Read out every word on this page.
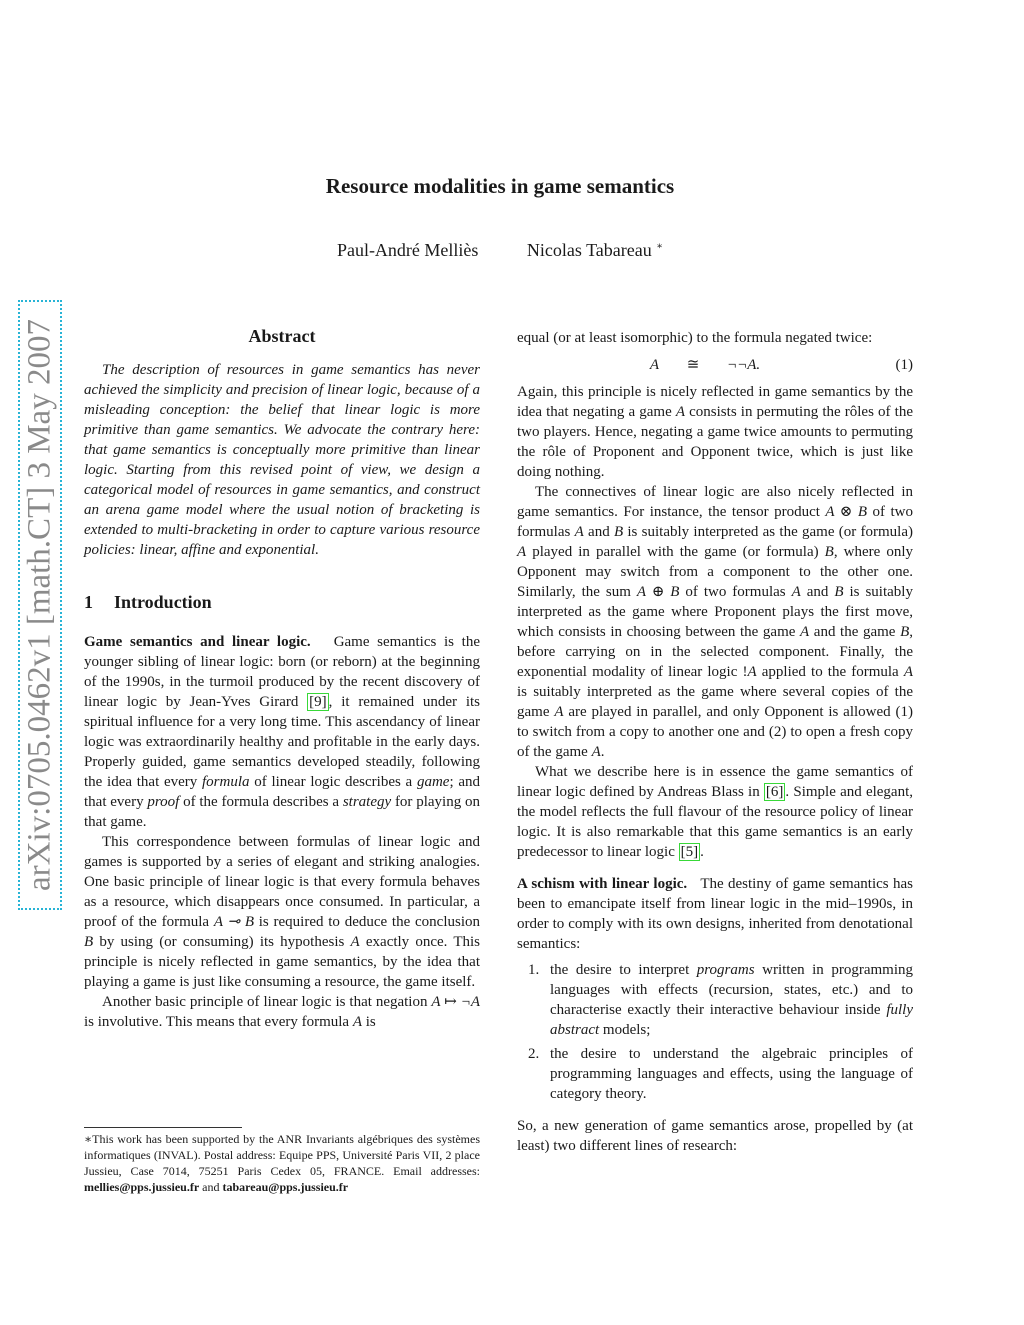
Resource modalities in game semantics
Paul-André Melliès	Nicolas Tabareau ∗
arXiv:0705.0462v1 [math.CT] 3 May 2007	Abstract

The description of resources in game semantics has never achieved the simplicity and precision of linear logic, because of a misleading conception: the belief that linear logic is more primitive than game semantics. We advocate the contrary here: that game semantics is conceptually more primitive than linear logic. Starting from this revised point of view, we design a categorical model of resources in game semantics, and construct an arena game model where the usual notion of bracketing is extended to multi-bracketing in order to capture various resource policies: linear, affine and exponential.

1 Introduction

Game semantics and linear logic. Game semantics is the younger sibling of linear logic: born (or reborn) at the beginning of the 1990s, in the turmoil produced by the recent discovery of linear logic by Jean-Yves Girard [9] , it remained under its spiritual influence for a very long time. This ascendancy of linear logic was extraordinarily healthy and profitable in the early days. Properly guided, game semantics developed steadily, following the idea that every formula of linear logic describes a game; and that every proof of the formula describes a strategy for playing on that game.

This correspondence between formulas of linear logic and games is supported by a series of elegant and striking analogies. One basic principle of linear logic is that every formula behaves as a resource, which disappears once consumed. In particular, a proof of the formula A ⊸ B is required to deduce the conclusion B by using (or consuming) its hypothesis A exactly once. This principle is nicely reflected in game semantics, by the idea that playing a game is just like consuming a resource, the game itself.

Another basic principle of linear logic is that negation A ↦ ¬A is involutive. This means that every formula A is

equal (or at least isomorphic) to the formula negated twice:

A	≅	¬¬A.	(1)

Again, this principle is nicely reflected in game semantics by the idea that negating a game A consists in permuting the rôles of the two players. Hence, negating a game twice amounts to permuting the rôle of Proponent and Opponent twice, which is just like doing nothing.

The connectives of linear logic are also nicely reflected in game semantics. For instance, the tensor product A ⊗ B of two formulas A and B is suitably interpreted as the game (or formula) A played in parallel with the game (or formula) B, where only Opponent may switch from a component to the other one. Similarly, the sum A ⊕ B of two formulas A and B is suitably interpreted as the game where Proponent plays the first move, which consists in choosing between the game A and the game B, before carrying on in the selected component. Finally, the exponential modality of linear logic !A applied to the formula A is suitably interpreted as the game where several copies of the game A are played in parallel, and only Opponent is allowed (1) to switch from a copy to another one and (2) to open a fresh copy of the game A.

What we describe here is in essence the game semantics of linear logic defined by Andreas Blass in [6] . Simple and elegant, the model reflects the full flavour of the resource policy of linear logic. It is also remarkable that this game semantics is an early predecessor to linear logic [5] .

A schism with linear logic. The destiny of game semantics has been to emancipate itself from linear logic in the mid–1990s, in order to comply with its own designs, inherited from denotational semantics:

1. the desire to interpret programs written in programming languages with effects (recursion, states, etc.) and to characterise exactly their interactive behaviour inside fully abstract models;
2. the desire to understand the algebraic principles of programming languages and effects, using the language of category theory.

So, a new generation of game semantics arose, propelled by (at least) two different lines of research:

∗This work has been supported by the ANR Invariants algébriques des systèmes informatiques (INVAL). Postal address: Equipe PPS, Université Paris VII, 2 place Jussieu, Case 7014, 75251 Paris Cedex 05, FRANCE. Email addresses: mellies@pps.jussieu.fr and tabareau@pps.jussieu.fr
